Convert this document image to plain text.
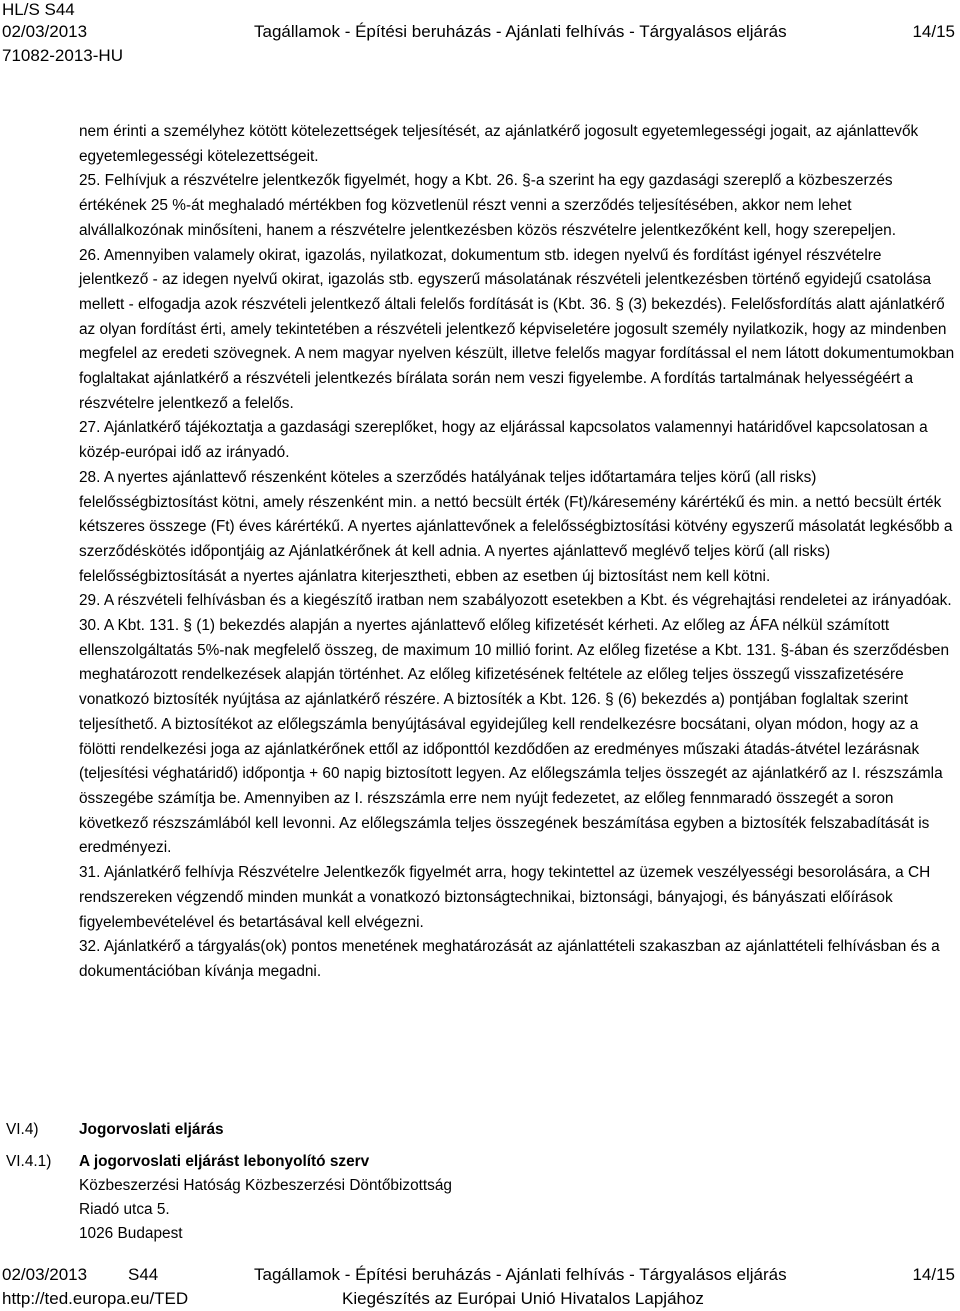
HL/S S44
02/03/2013	Tagállamok - Építési beruházás - Ajánlati felhívás - Tárgyalásos eljárás	14/15
71082-2013-HU

nem érinti a személyhez kötött kötelezettségek teljesítését, az ajánlatkérő jogosult egyetemlegességi jogait, az ajánlattevők egyetemlegességi kötelezettségeit.

25. Felhívjuk a részvételre jelentkezők figyelmét, hogy a Kbt. 26. §-a szerint ha egy gazdasági szereplő a közbeszerzés értékének 25 %-át meghaladó mértékben fog közvetlenül részt venni a szerződés teljesítésében, akkor nem lehet alvállalkozónak minősíteni, hanem a részvételre jelentkezésben közös részvételre jelentkezőként kell, hogy szerepeljen.

26. Amennyiben valamely okirat, igazolás, nyilatkozat, dokumentum stb. idegen nyelvű és fordítást igényel részvételre jelentkező - az idegen nyelvű okirat, igazolás stb. egyszerű másolatának részvételi jelentkezésben történő egyidejű csatolása mellett - elfogadja azok részvételi jelentkező általi felelős fordítását is (Kbt. 36. § (3) bekezdés). Felelősfordítás alatt ajánlatkérő az olyan fordítást érti, amely tekintetében a részvételi jelentkező képviseletére jogosult személy nyilatkozik, hogy az mindenben megfelel az eredeti szövegnek. A nem magyar nyelven készült, illetve felelős magyar fordítással el nem látott dokumentumokban foglaltakat ajánlatkérő a részvételi jelentkezés bírálata során nem veszi figyelembe. A fordítás tartalmának helyességéért a részvételre jelentkező a felelős.

27. Ajánlatkérő tájékoztatja a gazdasági szereplőket, hogy az eljárással kapcsolatos valamennyi határidővel kapcsolatosan a közép-európai idő az irányadó.

28. A nyertes ajánlattevő részenként köteles a szerződés hatályának teljes időtartamára teljes körű (all risks) felelősségbiztosítást kötni, amely részenként min. a nettó becsült érték (Ft)/káresemény kárértékű és min. a nettó becsült érték kétszeres összege (Ft) éves kárértékű. A nyertes ajánlattevőnek a felelősségbiztosítási kötvény egyszerű másolatát legkésőbb a szerződéskötés időpontjáig az Ajánlatkérőnek át kell adnia. A nyertes ajánlattevő meglévő teljes körű (all risks) felelősségbiztosítását a nyertes ajánlatra kiterjesztheti, ebben az esetben új biztosítást nem kell kötni.

29. A részvételi felhívásban és a kiegészítő iratban nem szabályozott esetekben a Kbt. és végrehajtási rendeletei az irányadóak.

30. A Kbt. 131. § (1) bekezdés alapján a nyertes ajánlattevő előleg kifizetését kérheti. Az előleg az ÁFA nélkül számított ellenszolgáltatás 5%-nak megfelelő összeg, de maximum 10 millió forint. Az előleg fizetése a Kbt. 131. §-ában és szerződésben meghatározott rendelkezések alapján történhet. Az előleg kifizetésének feltétele az előleg teljes összegű visszafizetésére vonatkozó biztosíték nyújtása az ajánlatkérő részére. A biztosíték a Kbt. 126. § (6) bekezdés a) pontjában foglaltak szerint teljesíthető. A biztosítékot az előlegszámla benyújtásával egyidejűleg kell rendelkezésre bocsátani, olyan módon, hogy az a fölötti rendelkezési joga az ajánlatkérőnek ettől az időponttól kezdődően az eredményes műszaki átadás-átvétel lezárásnak (teljesítési véghatáridő) időpontja + 60 napig biztosított legyen. Az előlegszámla teljes összegét az ajánlatkérő az I. részszámla összegébe számítja be. Amennyiben az I. részszámla erre nem nyújt fedezetet, az előleg fennmaradó összegét a soron következő részszámlából kell levonni. Az előlegszámla teljes összegének beszámítása egyben a biztosíték felszabadítását is eredményezi.

31. Ajánlatkérő felhívja Részvételre Jelentkezők figyelmét arra, hogy tekintettel az üzemek veszélyességi besorolására, a CH rendszereken végzendő minden munkát a vonatkozó biztonságtechnikai, biztonsági, bányajogi, és bányászati előírások figyelembevételével és betartásával kell elvégezni.

32. Ajánlatkérő a tárgyalás(ok) pontos menetének meghatározását az ajánlattételi szakaszban az ajánlattételi felhívásban és a dokumentációban kívánja megadni.

VI.4)	Jogorvoslati eljárás
VI.4.1) A jogorvoslati eljárást lebonyolító szerv
Közbeszerzési Hatóság Közbeszerzési Döntőbizottság
Riadó utca 5.
1026 Budapest
02/03/2013 S44	Tagállamok - Építési beruházás - Ajánlati felhívás - Tárgyalásos eljárás	14/15
http://ted.europa.eu/TED	Kiegészítés az Európai Unió Hivatalos Lapjához
